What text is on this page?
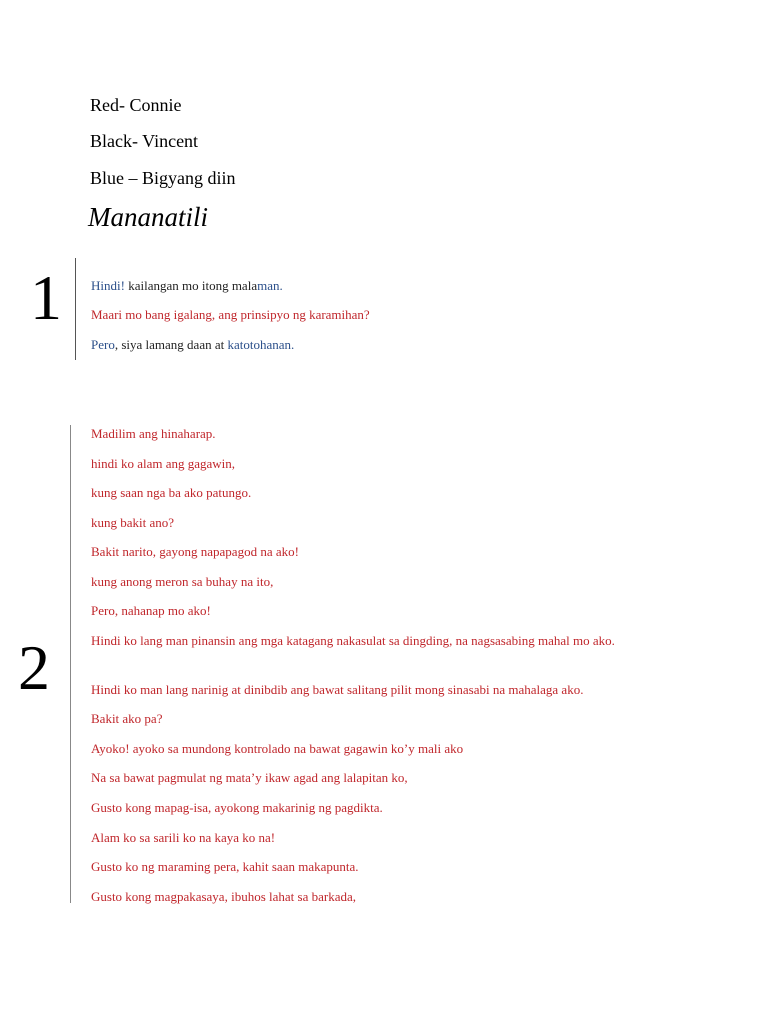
Red- Connie
Black- Vincent
Blue – Bigyang diin
Mananatili
1 Hindi! kailangan mo itong malaman.
Maari mo bang igalang, ang prinsipyo ng karamihan?
Pero, siya lamang daan at katotohanan.
2
Madilim ang hinaharap.
hindi ko alam ang gagawin,
kung saan nga ba ako patungo.
kung bakit ano?
Bakit narito, gayong napapagod na ako!
kung anong meron sa buhay na ito,
Pero, nahanap mo ako!
Hindi ko lang man pinansin ang mga katagang nakasulat sa dingding, na nagsasabing mahal mo ako.
Hindi ko man lang narinig at dinibdib ang bawat salitang pilit mong sinasabi na mahalaga ako.
Bakit ako pa?
Ayoko! ayoko sa mundong kontrolado na bawat gagawin ko’y mali ako
Na sa bawat pagmulat ng mata’y ikaw agad ang lalapitan ko,
Gusto kong mapag-isa, ayokong makarinig ng pagdikta.
Alam ko sa sarili ko na kaya ko na!
Gusto ko ng maraming pera, kahit saan makapunta.
Gusto kong magpakasaya, ibuhos lahat sa barkada,
